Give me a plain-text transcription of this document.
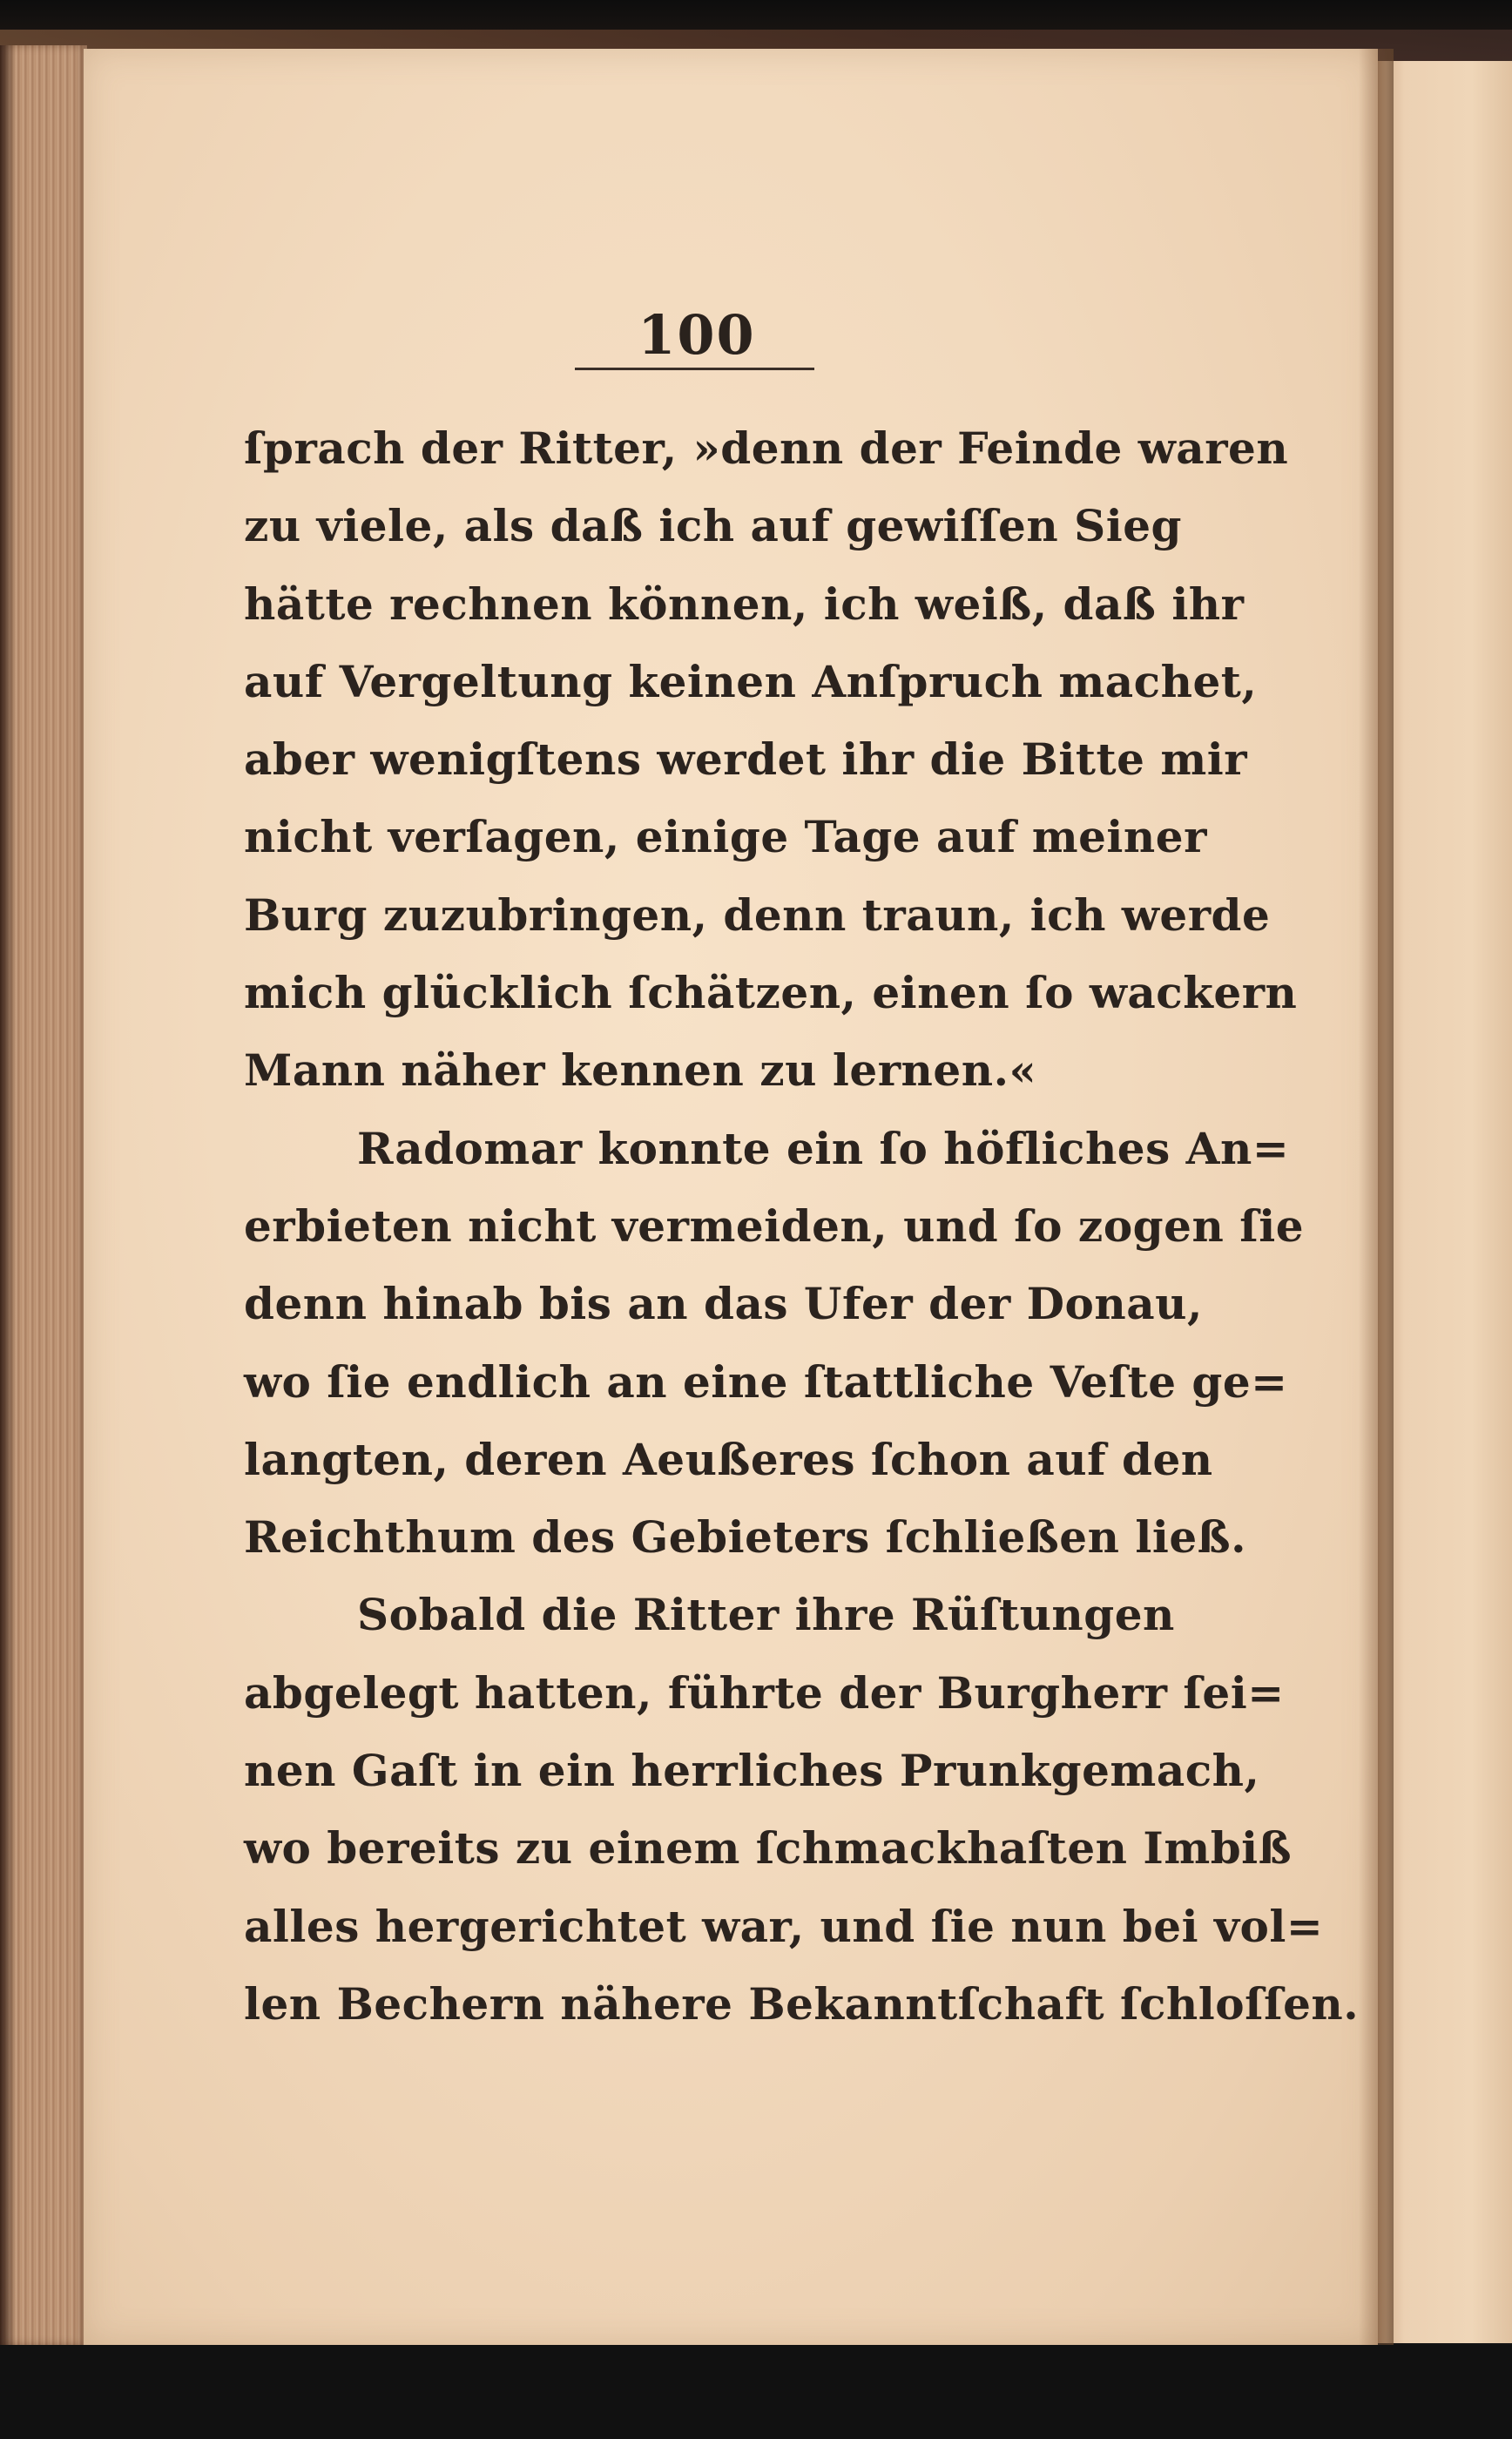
100
ſprach der Ritter, »denn der Feinde waren
zu viele, als daß ich auf gewiſſen Sieg
hätte rechnen können, ich weiß, daß ihr
auf Vergeltung keinen Anſpruch machet,
aber wenigſtens werdet ihr die Bitte mir
nicht verſagen, einige Tage auf meiner
Burg zuzubringen, denn traun, ich werde
mich glücklich ſchätzen, einen ſo wackern
Mann näher kennen zu lernen.«
Radomar konnte ein ſo höfliches An=
erbieten nicht vermeiden, und ſo zogen ſie
denn hinab bis an das Ufer der Donau,
wo ſie endlich an eine ſtattliche Veſte ge=
langten, deren Aeußeres ſchon auf den
Reichthum des Gebieters ſchließen ließ.
Sobald die Ritter ihre Rüſtungen
abgelegt hatten, führte der Burgherr ſei=
nen Gaſt in ein herrliches Prunkgemach,
wo bereits zu einem ſchmackhaſten Imbiß
alles hergerichtet war, und ſie nun bei vol=
len Bechern nähere Bekanntſchaft ſchloſſen.
